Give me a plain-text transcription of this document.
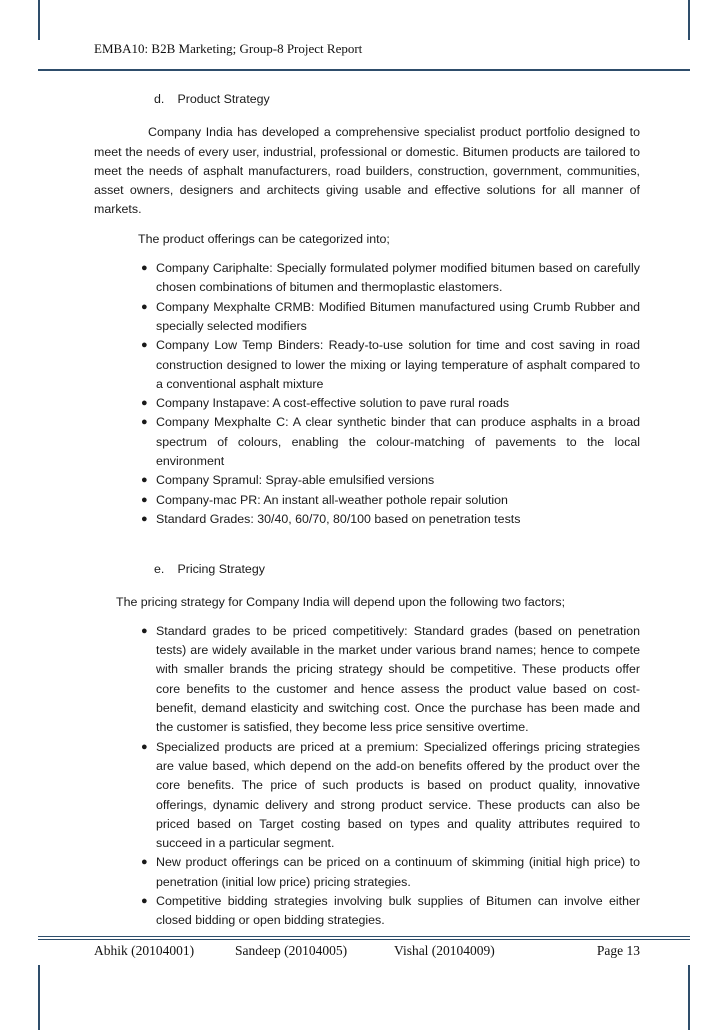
EMBA10: B2B Marketing; Group-8 Project Report
d. Product Strategy
Company India has developed a comprehensive specialist product portfolio designed to meet the needs of every user, industrial, professional or domestic. Bitumen products are tailored to meet the needs of asphalt manufacturers, road builders, construction, government, communities, asset owners, designers and architects giving usable and effective solutions for all manner of markets.
The product offerings can be categorized into;
● Company Cariphalte: Specially formulated polymer modified bitumen based on carefully chosen combinations of bitumen and thermoplastic elastomers.
● Company Mexphalte CRMB: Modified Bitumen manufactured using Crumb Rubber and specially selected modifiers
● Company Low Temp Binders: Ready-to-use solution for time and cost saving in road construction designed to lower the mixing or laying temperature of asphalt compared to a conventional asphalt mixture
● Company Instapave: A cost-effective solution to pave rural roads
● Company Mexphalte C: A clear synthetic binder that can produce asphalts in a broad spectrum of colours, enabling the colour-matching of pavements to the local environment
● Company Spramul: Spray-able emulsified versions
● Company-mac PR: An instant all-weather pothole repair solution
● Standard Grades: 30/40, 60/70, 80/100 based on penetration tests
e. Pricing Strategy
The pricing strategy for Company India will depend upon the following two factors;
● Standard grades to be priced competitively: Standard grades (based on penetration tests) are widely available in the market under various brand names; hence to compete with smaller brands the pricing strategy should be competitive. These products offer core benefits to the customer and hence assess the product value based on cost-benefit, demand elasticity and switching cost. Once the purchase has been made and the customer is satisfied, they become less price sensitive overtime.
● Specialized products are priced at a premium: Specialized offerings pricing strategies are value based, which depend on the add-on benefits offered by the product over the core benefits. The price of such products is based on product quality, innovative offerings, dynamic delivery and strong product service. These products can also be priced based on Target costing based on types and quality attributes required to succeed in a particular segment.
● New product offerings can be priced on a continuum of skimming (initial high price) to penetration (initial low price) pricing strategies.
● Competitive bidding strategies involving bulk supplies of Bitumen can involve either closed bidding or open bidding strategies.
Abhik (20104001)	Sandeep (20104005)	Vishal (20104009)	Page 13
